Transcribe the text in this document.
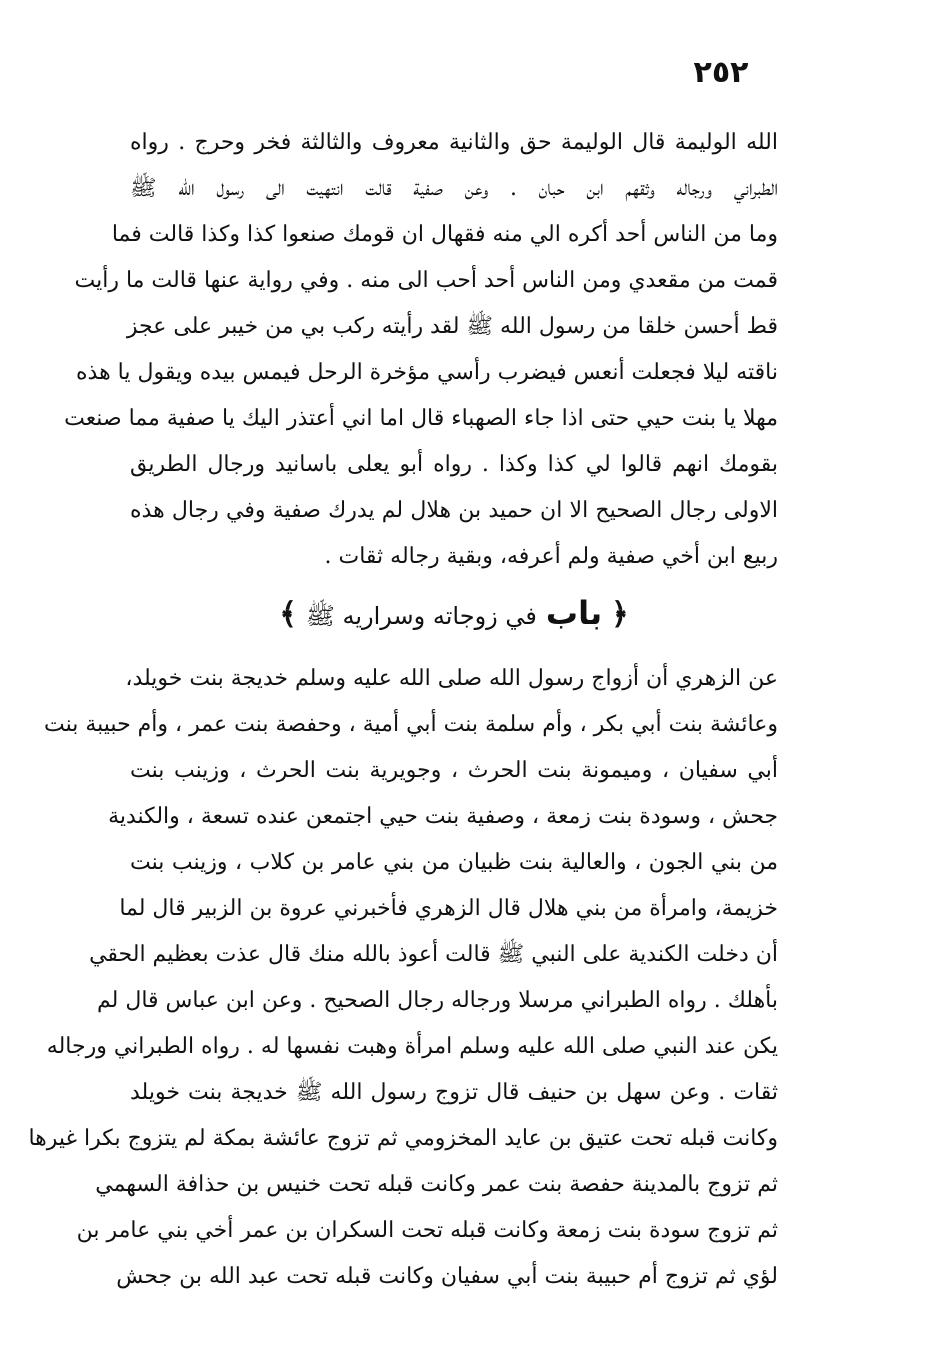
٢٥٢
الله الوليمة قال الوليمة حق والثانية معروف والثالثة فخر وحرج . رواه
الطبراني ورجاله وثقهم ابن حبان . وعن صفية قالت انتهيت الى رسول الله ﷺ
وما من الناس أحد أكره الي منه فقهال ان قومك صنعوا كذا وكذا قالت فما
قمت من مقعدي ومن الناس أحد أحب الى منه . وفي رواية عنها قالت ما رأيت
قط أحسن خلقا من رسول الله ﷺ لقد رأيته ركب بي من خيبر على عجز
ناقته ليلا فجعلت أنعس فيضرب رأسي مؤخرة الرحل فيمس بيده ويقول يا هذه
مهلا يا بنت حيي حتى اذا جاء الصهباء قال اما اني أعتذر اليك يا صفية مما صنعت
بقومك انهم قالوا لي كذا وكذا . رواه أبو يعلى باسانيد ورجال الطريق
الاولى رجال الصحيح الا ان حميد بن هلال لم يدرك صفية وفي رجال هذه
ربيع ابن أخي صفية ولم أعرفه، وبقية رجاله ثقات .
﴿ باب في زوجاته وسراريه ﷺ ﴾
عن الزهري أن أزواج رسول الله صلى الله عليه وسلم خديجة بنت خويلد،
وعائشة بنت أبي بكر ، وأم سلمة بنت أبي أمية ، وحفصة بنت عمر ، وأم حبيبة بنت
أبي سفيان ، وميمونة بنت الحرث ، وجويرية بنت الحرث ، وزينب بنت
جحش ، وسودة بنت زمعة ، وصفية بنت حيي اجتمعن عنده تسعة ، والكندية
من بني الجون ، والعالية بنت ظبيان من بني عامر بن كلاب ، وزينب بنت
خزيمة، وامرأة من بني هلال قال الزهري فأخبرني عروة بن الزبير قال لما
أن دخلت الكندية على النبي ﷺ قالت أعوذ بالله منك قال عذت بعظيم الحقي
بأهلك . رواه الطبراني مرسلا ورجاله رجال الصحيح . وعن ابن عباس قال لم
يكن عند النبي صلى الله عليه وسلم امرأة وهبت نفسها له . رواه الطبراني ورجاله
ثقات . وعن سهل بن حنيف قال تزوج رسول الله ﷺ خديجة بنت خويلد
وكانت قبله تحت عتيق بن عايد المخزومي ثم تزوج عائشة بمكة لم يتزوج بكرا غيرها
ثم تزوج بالمدينة حفصة بنت عمر وكانت قبله تحت خنيس بن حذافة السهمي
ثم تزوج سودة بنت زمعة وكانت قبله تحت السكران بن عمر أخي بني عامر بن
لؤي ثم تزوج أم حبيبة بنت أبي سفيان وكانت قبله تحت عبد الله بن جحش
